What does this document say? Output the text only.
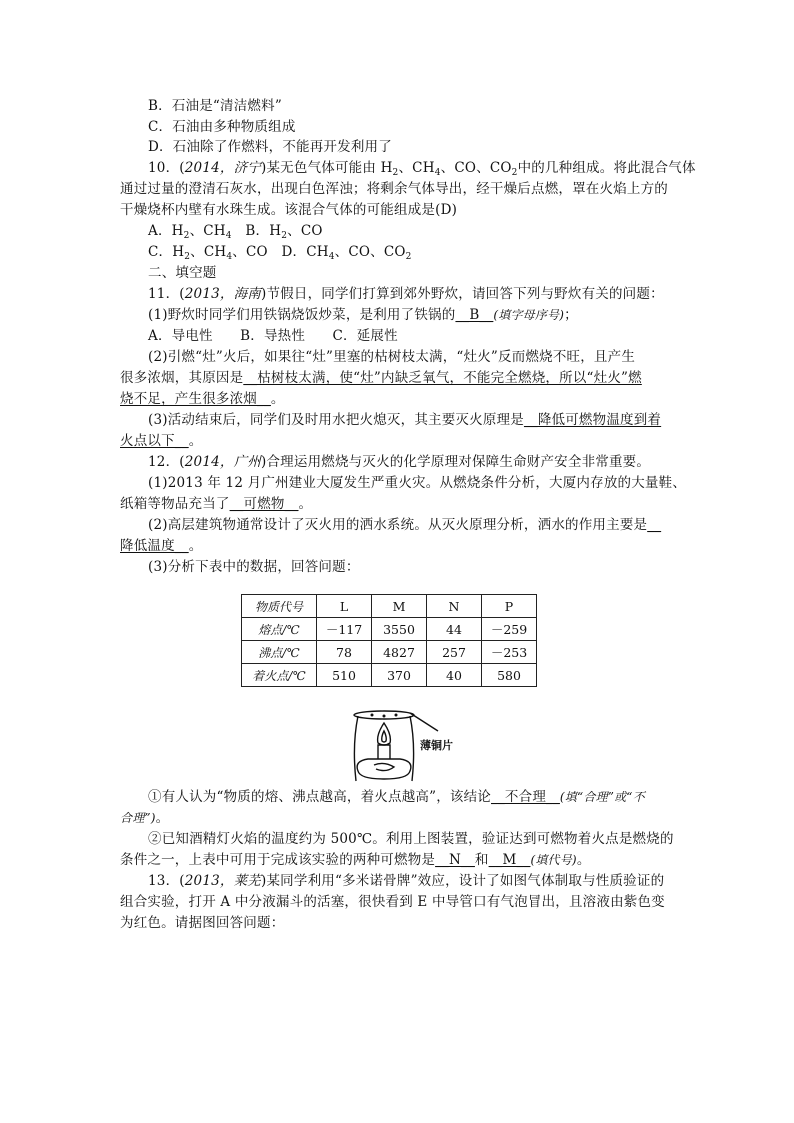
B．石油是“清洁燃料”
C．石油由多种物质组成
D．石油除了作燃料，不能再开发利用了
10．(2014，济宁)某无色气体可能由 $H_2$、$CH_4$、CO、$CO_2$中的几种组成。将此混合气体
通过过量的澄清石灰水，出现白色浑浊；将剩余气体导出，经干燥后点燃，罩在火焰上方的
干燥烧杯内壁有水珠生成。该混合气体的可能组成是(D)
A．$H_2$、$CH_4$　B．$H_2$、CO
C．$H_2$、$CH_4$、CO　D．$CH_4$、CO、$CO_2$
二、填空题
11．(2013，海南)节假日，同学们打算到郊外野炊，请回答下列与野炊有关的问题：
(1)野炊时同学们用铁锅烧饭炒菜，是利用了铁锅的__B__(填字母序号)；
A．导电性　　B．导热性　　C．延展性
(2)引燃“灶”火后，如果往“灶”里塞的枯树枝太满，“灶火”反而燃烧不旺，且产生
很多浓烟，其原因是__枯树枝太满，使“灶”内缺乏氧气，不能完全燃烧，所以“灶火”燃
烧不足，产生很多浓烟__。
(3)活动结束后，同学们及时用水把火熄灭，其主要灭火原理是__降低可燃物温度到着
火点以下__。
12．(2014，广州)合理运用燃烧与灭火的化学原理对保障生命财产安全非常重要。
(1)2013 年 12 月广州建业大厦发生严重火灾。从燃烧条件分析，大厦内存放的大量鞋、
纸箱等物品充当了__可燃物__。
(2)高层建筑物通常设计了灭火用的洒水系统。从灭火原理分析，洒水的作用主要是__
降低温度__。
(3)分析下表中的数据，回答问题：
物质代号	L	M	N	P
熔点/℃	－117	3550	44	－259
沸点/℃	78	4827	257	－253
着火点/℃	510	370	40	580
薄铜片
①有人认为“物质的熔、沸点越高，着火点越高”，该结论__不合理__(填“合理”或“不
合理”)。
②已知酒精灯火焰的温度约为 500℃。利用上图装置，验证达到可燃物着火点是燃烧的
条件之一，上表中可用于完成该实验的两种可燃物是__N__和__M__(填代号)。
13．(2013，莱芜)某同学利用“多米诺骨牌”效应，设计了如图气体制取与性质验证的
组合实验，打开 A 中分液漏斗的活塞，很快看到 E 中导管口有气泡冒出，且溶液由紫色变
为红色。请据图回答问题：
